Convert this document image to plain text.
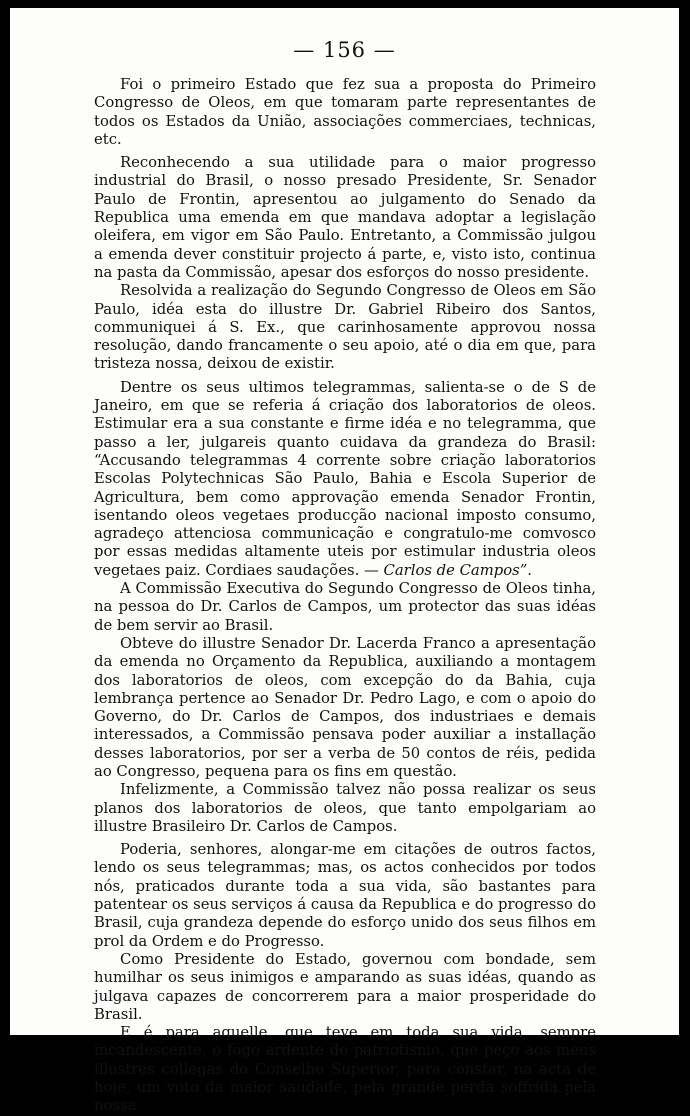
— 156 —

Foi o primeiro Estado que fez sua a proposta do Primeiro Congresso de Oleos, em que tomaram parte representantes de todos os Estados da União, associações commerciaes, technicas, etc.

Reconhecendo a sua utilidade para o maior progresso industrial do Brasil, o nosso presado Presidente, Sr. Senador Paulo de Frontin, apresentou ao julgamento do Senado da Republica uma emenda em que mandava adoptar a legislação oleifera, em vigor em São Paulo. Entretanto, a Commissão julgou a emenda dever constituir projecto á parte, e, visto isto, continua na pasta da Commissão, apesar dos esforços do nosso presidente.

Resolvida a realização do Segundo Congresso de Oleos em São Paulo, idéa esta do illustre Dr. Gabriel Ribeiro dos Santos, communiquei á S. Ex., que carinhosamente approvou nossa resolução, dando francamente o seu apoio, até o dia em que, para tristeza nossa, deixou de existir.

Dentre os seus ultimos telegrammas, salienta-se o de S de Janeiro, em que se referia á criação dos laboratorios de oleos. Estimular era a sua constante e firme idéa e no telegramma, que passo a ler, julgareis quanto cuidava da grandeza do Brasil: “Accusando telegrammas 4 corrente sobre criação laboratorios Escolas Polytechnicas São Paulo, Bahia e Escola Superior de Agricultura, bem como approvação emenda Senador Frontin, isentando oleos vegetaes producção nacional imposto consumo, agradeço attenciosa communicação e congratulo-me comvosco por essas medidas altamente uteis por estimular industria oleos vegetaes paiz. Cordiaes saudações. — Carlos de Campos”.

A Commissão Executiva do Segundo Congresso de Oleos tinha, na pessoa do Dr. Carlos de Campos, um protector das suas idéas de bem servir ao Brasil.

Obteve do illustre Senador Dr. Lacerda Franco a apresentação da emenda no Orçamento da Republica, auxiliando a montagem dos laboratorios de oleos, com excepção do da Bahia, cuja lembrança pertence ao Senador Dr. Pedro Lago, e com o apoio do Governo, do Dr. Carlos de Campos, dos industriaes e demais interessados, a Commissão pensava poder auxiliar a installação desses laboratorios, por ser a verba de 50 contos de réis, pedida ao Congresso, pequena para os fins em questão.

Infelizmente, a Commissão talvez não possa realizar os seus planos dos laboratorios de oleos, que tanto empolgariam ao illustre Brasileiro Dr. Carlos de Campos.

Poderia, senhores, alongar-me em citações de outros factos, lendo os seus telegrammas; mas, os actos conhecidos por todos nós, praticados durante toda a sua vida, são bastantes para patentear os seus serviços á causa da Republica e do progresso do Brasil, cuja grandeza depende do esforço unido dos seus filhos em prol da Ordem e do Progresso.

Como Presidente do Estado, governou com bondade, sem humilhar os seus inimigos e amparando as suas idéas, quando as julgava capazes de concorrerem para a maior prosperidade do Brasil.

E é para aquelle, que teve em toda sua vida, sempre incandescente, o fogo ardente do patriotismo, que peço aos meus illustres collegas do Conselho Superior, para constar, na acta de hoje, um voto da maior saudade, pela grande perda soffrida pela nossa
